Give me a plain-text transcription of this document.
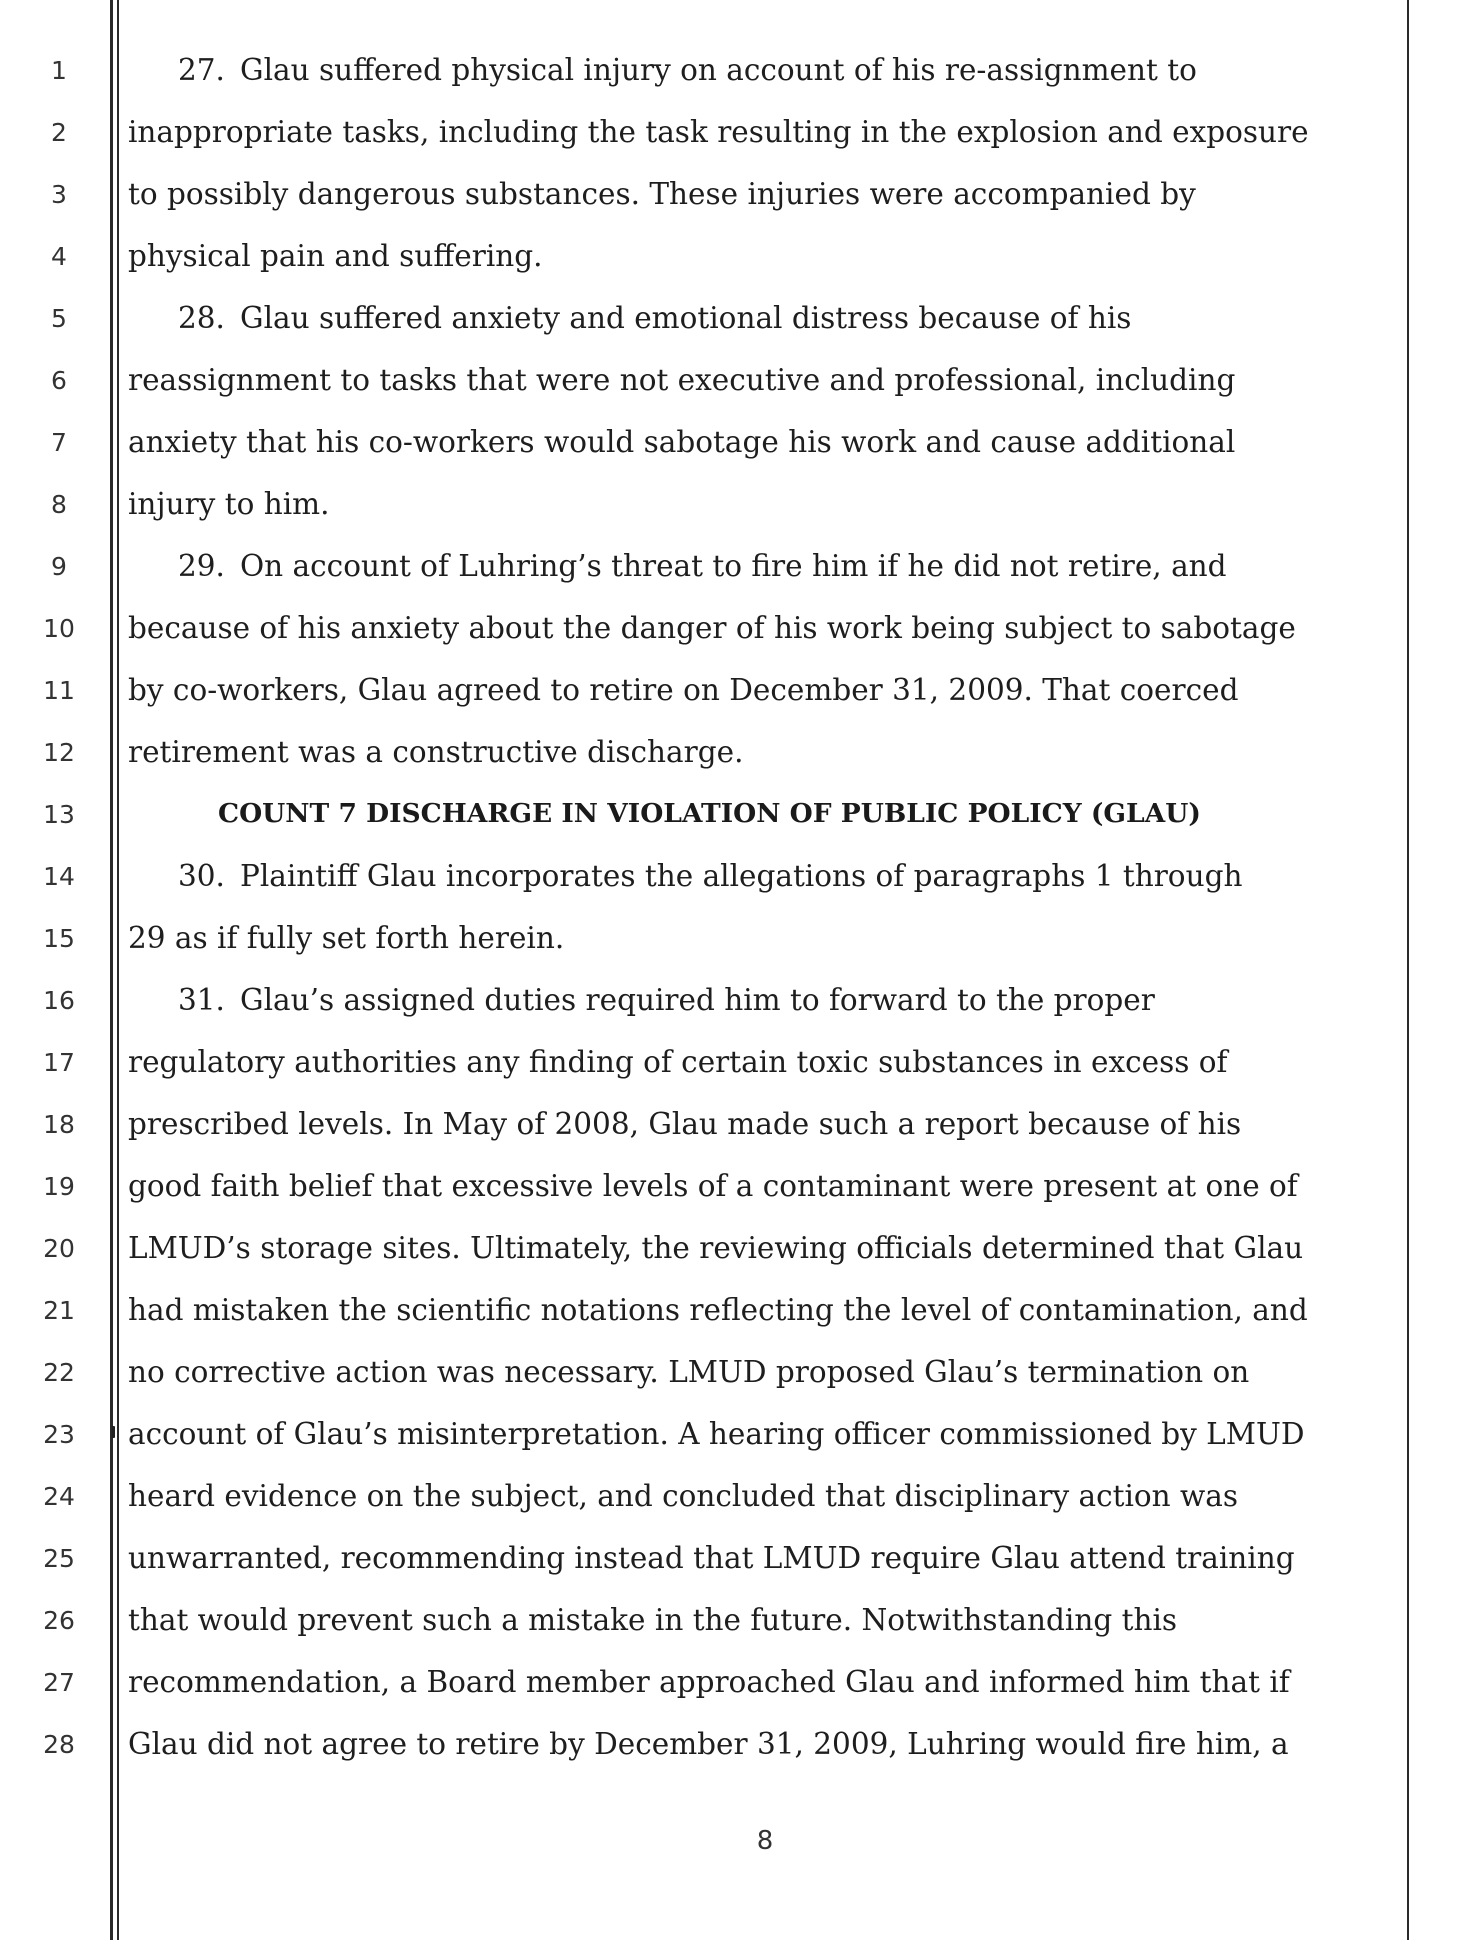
1
2
3
4
5
6
7
8
9
10
11
12
13
14
15
16
17
18
19
20
21
22
23
24
25
26
27
28
27. Glau suffered physical injury on account of his re-assignment to
inappropriate tasks, including the task resulting in the explosion and exposure
to possibly dangerous substances. These injuries were accompanied by
physical pain and suffering.
28. Glau suffered anxiety and emotional distress because of his
reassignment to tasks that were not executive and professional, including
anxiety that his co-workers would sabotage his work and cause additional
injury to him.
29. On account of Luhring’s threat to fire him if he did not retire, and
because of his anxiety about the danger of his work being subject to sabotage
by co-workers, Glau agreed to retire on December 31, 2009. That coerced
retirement was a constructive discharge.
COUNT 7 DISCHARGE IN VIOLATION OF PUBLIC POLICY (GLAU)
30. Plaintiff Glau incorporates the allegations of paragraphs 1 through
29 as if fully set forth herein.
31. Glau’s assigned duties required him to forward to the proper
regulatory authorities any finding of certain toxic substances in excess of
prescribed levels. In May of 2008, Glau made such a report because of his
good faith belief that excessive levels of a contaminant were present at one of
LMUD’s storage sites. Ultimately, the reviewing officials determined that Glau
had mistaken the scientific notations reflecting the level of contamination, and
no corrective action was necessary. LMUD proposed Glau’s termination on
account of Glau’s misinterpretation. A hearing officer commissioned by LMUD
heard evidence on the subject, and concluded that disciplinary action was
unwarranted, recommending instead that LMUD require Glau attend training
that would prevent such a mistake in the future. Notwithstanding this
recommendation, a Board member approached Glau and informed him that if
Glau did not agree to retire by December 31, 2009, Luhring would fire him, a
8
